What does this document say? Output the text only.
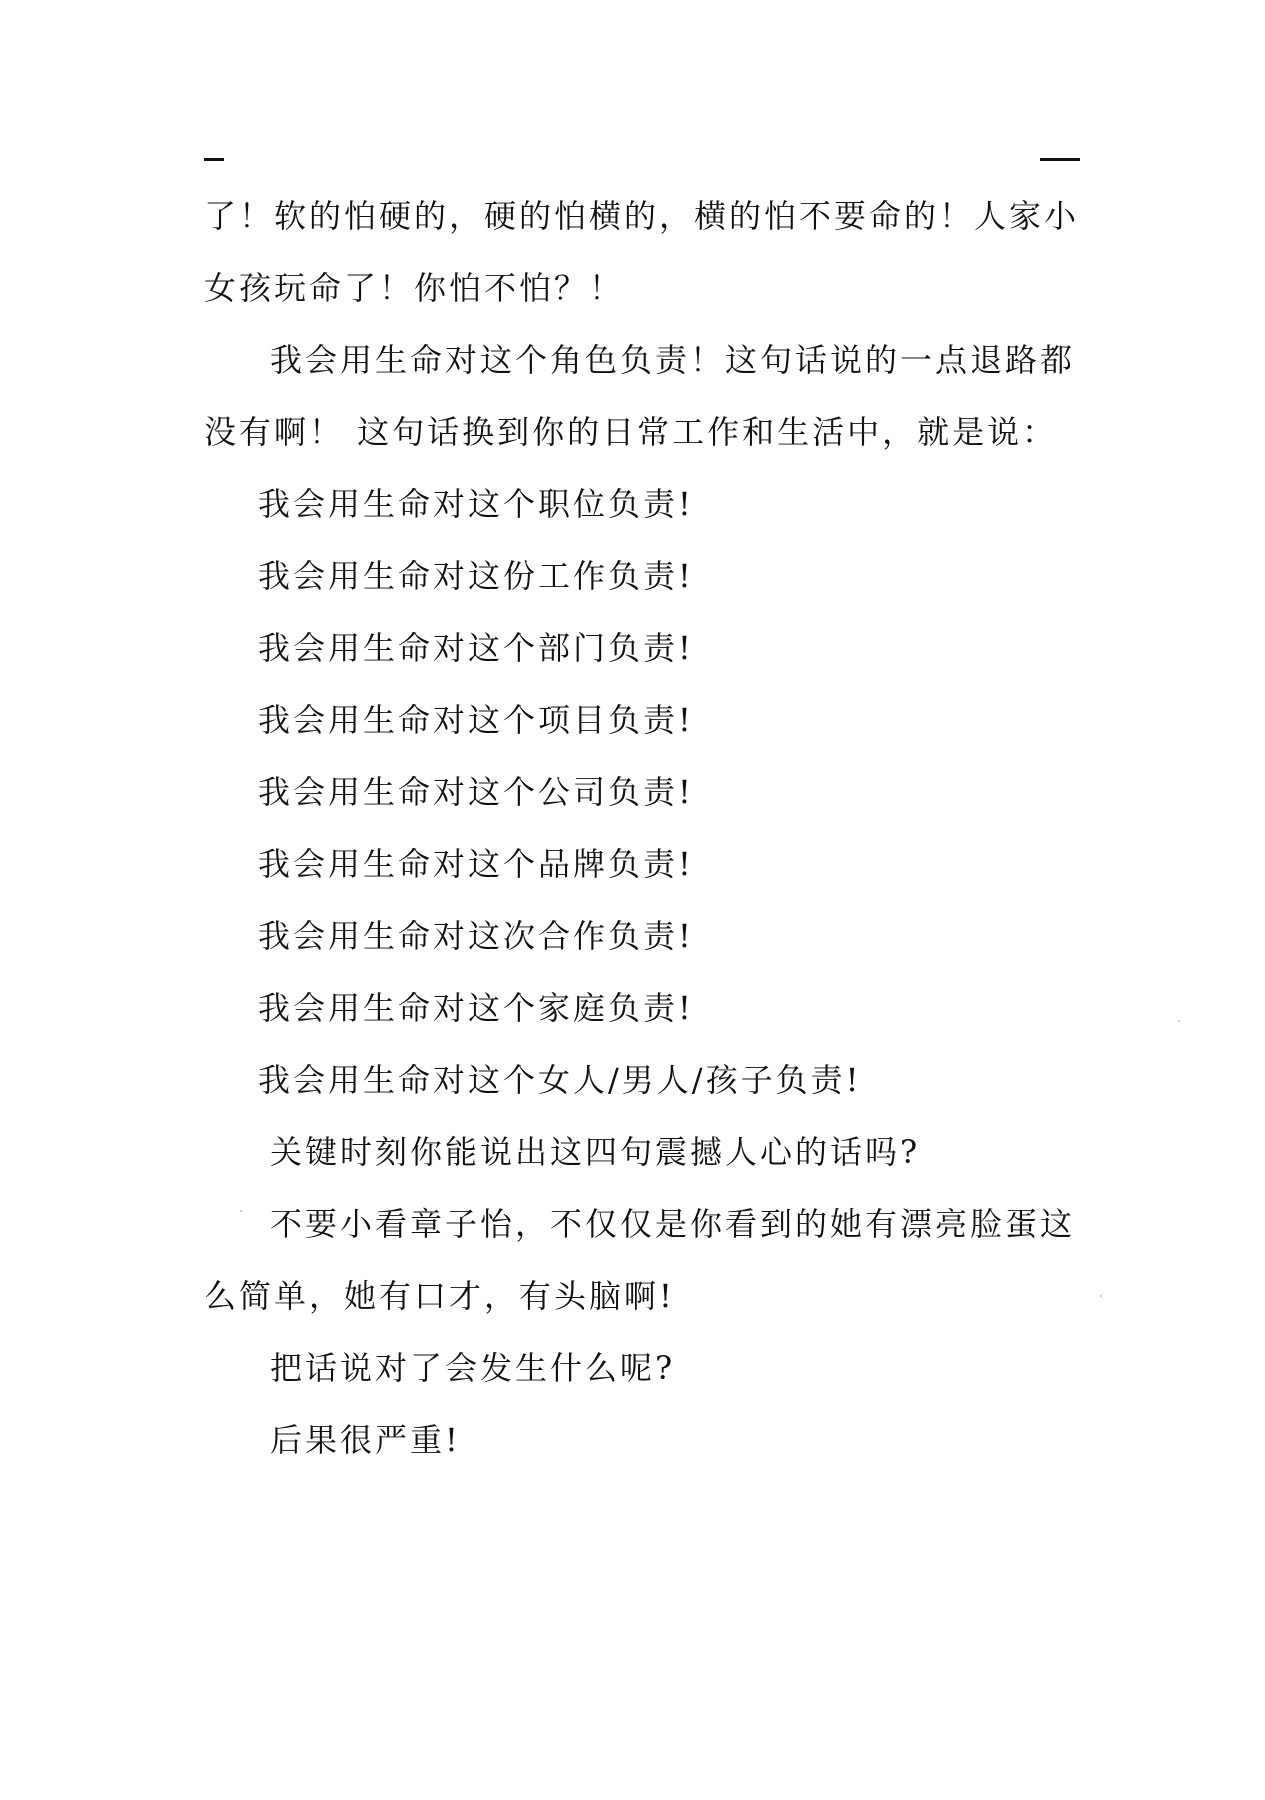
了！软的怕硬的，硬的怕横的，横的怕不要命的！人家小女孩玩命了！你怕不怕？！

我会用生命对这个角色负责！这句话说的一点退路都没有啊！ 这句话换到你的日常工作和生活中，就是说：

我会用生命对这个职位负责!

我会用生命对这份工作负责!

我会用生命对这个部门负责!

我会用生命对这个项目负责!

我会用生命对这个公司负责!

我会用生命对这个品牌负责!

我会用生命对这次合作负责!

我会用生命对这个家庭负责!

我会用生命对这个女人/男人/孩子负责!

关键时刻你能说出这四句震撼人心的话吗?

不要小看章子怡，不仅仅是你看到的她有漂亮脸蛋这么简单，她有口才，有头脑啊!

把话说对了会发生什么呢?

后果很严重!
